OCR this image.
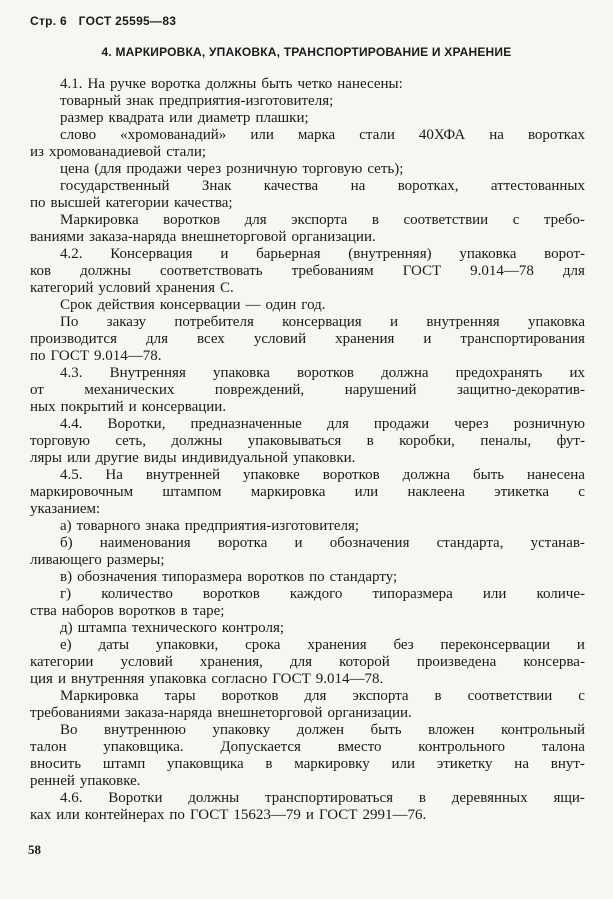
Стр. 6 ГОСТ 25595—83
4. МАРКИРОВКА, УПАКОВКА, ТРАНСПОРТИРОВАНИЕ И ХРАНЕНИЕ
4.1. На ручке воротка должны быть четко нанесены:
товарный знак предприятия-изготовителя;
размер квадрата или диаметр плашки;
слово «хромованадий» или марка стали 40ХФА на воротках
из хромованадиевой стали;
цена (для продажи через розничную торговую сеть);
государственный Знак качества на воротках, аттестованных
по высшей категории качества;
Маркировка воротков для экспорта в соответствии с требо-
ваниями заказа-наряда внешнеторговой организации.
4.2. Консервация и барьерная (внутренняя) упаковка ворот-
ков должны соответствовать требованиям ГОСТ 9.014—78 для
категорий условий хранения С.
Срок действия консервации — один год.
По заказу потребителя консервация и внутренняя упаковка
производится для всех условий хранения и транспортирования
по ГОСТ 9.014—78.
4.3. Внутренняя упаковка воротков должна предохранять их
от	механических	повреждений,	нарушений	защитно-декоратив-
ных покрытий и консервации.
4.4. Воротки, предназначенные для продажи через розничную
торговую сеть, должны упаковываться в коробки, пеналы, фут-
ляры или другие виды индивидуальной упаковки.
4.5. На внутренней упаковке воротков должна быть нанесена
маркировочным штампом маркировка или наклеена этикетка с
указанием:
а) товарного знака предприятия-изготовителя;
б) наименования воротка и обозначения стандарта, устанав-
ливающего размеры;
в) обозначения типоразмера воротков по стандарту;
г) количество воротков каждого типоразмера или количе-
ства наборов воротков в таре;
д) штампа технического контроля;
е) даты упаковки, срока хранения без переконсервации и
категории условий хранения, для которой произведена консерва-
ция и внутренняя упаковка согласно ГОСТ 9.014—78.
Маркировка тары воротков для экспорта в соответствии с
требованиями заказа-наряда внешнеторговой организации.
Во внутреннюю упаковку должен быть вложен контрольный
талон упаковщика. Допускается вместо контрольного талона
вносить штамп упаковщика в маркировку или этикетку на внут-
ренней упаковке.
4.6. Воротки должны транспортироваться в деревянных ящи-
ках или контейнерах по ГОСТ 15623—79 и ГОСТ 2991—76.
58
